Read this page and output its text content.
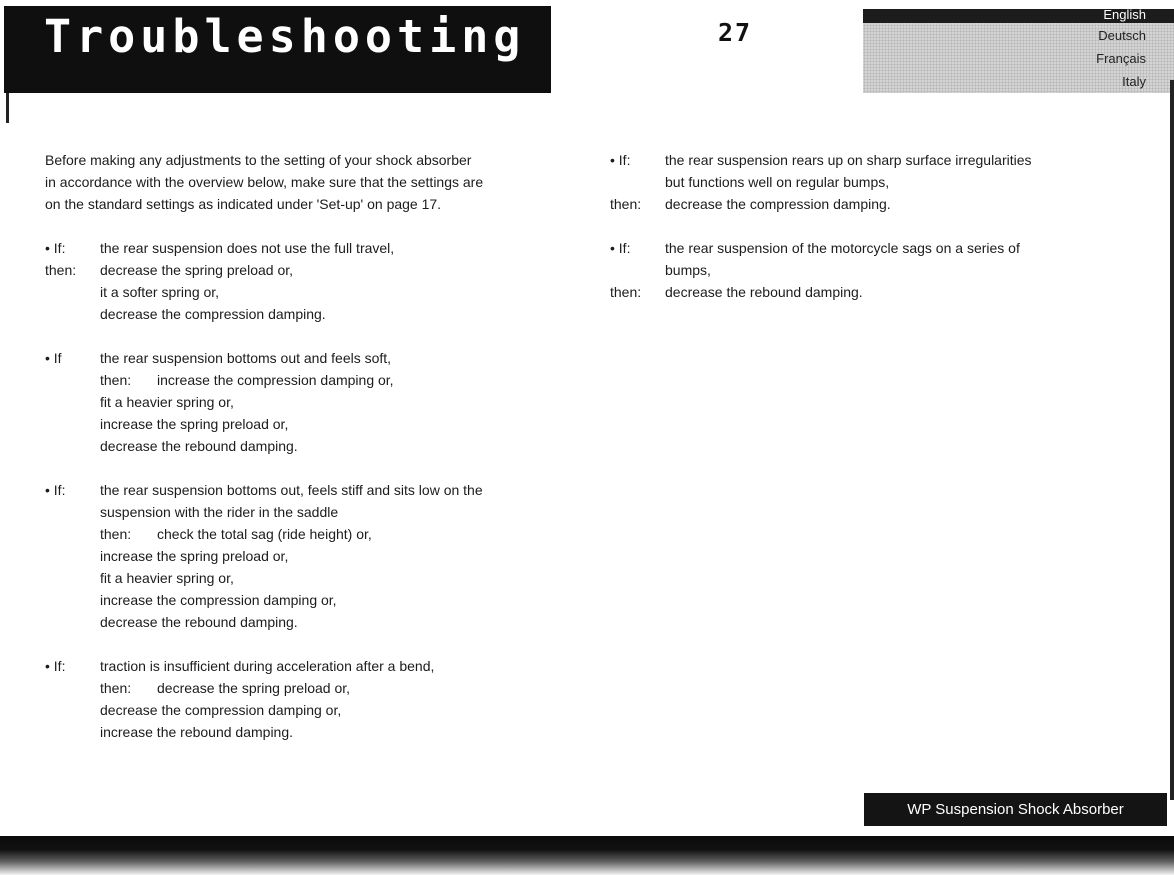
Troubleshooting	27
English
Deutsch
Français
Italy
Before making any adjustments to the setting of your shock absorber
in accordance with the overview below, make sure that the settings are
on the standard settings as indicated under 'Set-up' on page 17.
• If: the rear suspension does not use the full travel,
then: decrease the spring preload or,
it a softer spring or,
decrease the compression damping.
• If	the rear suspension bottoms out and feels soft,
then: increase the compression damping or,
fit a heavier spring or,
increase the spring preload or,
decrease the rebound damping.
• If: the rear suspension bottoms out, feels stiff and sits low on the
suspension with the rider in the saddle
then: check the total sag (ride height) or,
increase the spring preload or,
fit a heavier spring or,
increase the compression damping or,
decrease the rebound damping.
• If: traction is insufficient during acceleration after a bend,
then: decrease the spring preload or,
decrease the compression damping or,
increase the rebound damping.
• If: the rear suspension rears up on sharp surface irregularities
but functions well on regular bumps,
then: decrease the compression damping.
• If: the rear suspension of the motorcycle sags on a series of
bumps,
then: decrease the rebound damping.
WP Suspension Shock Absorber
